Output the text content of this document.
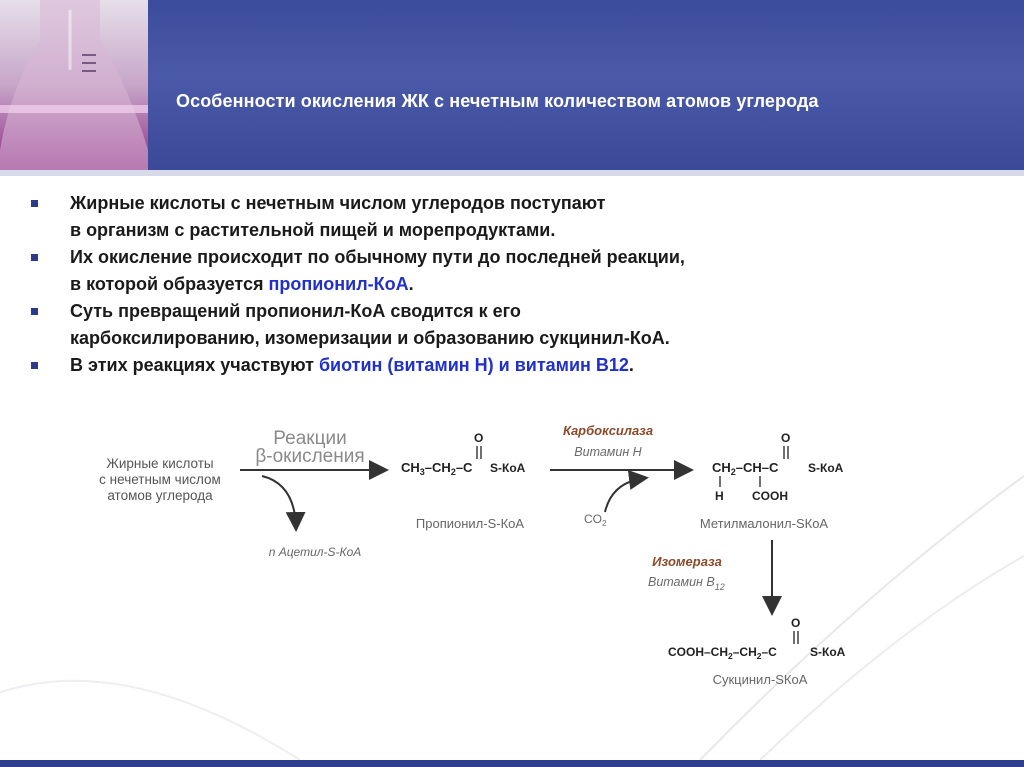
Особенности окисления ЖК с нечетным количеством атомов углерода
Жирные кислоты с нечетным числом углеродов поступают
в организм с растительной пищей и морепродуктами.
Их окисление происходит по обычному пути до последней реакции,
в которой образуется пропионил-КоА.
Суть превращений пропионил-КоА сводится к его
карбоксилированию, изомеризации и образованию сукцинил-КоА.
В этих реакциях участвуют биотин (витамин Н) и витамин В12.
Жирные кислоты
с нечетным числом
атомов углерода
Реакции
β-окисления
n Ацетил-S-КоА
$CH_3-CH_2-C$ S-КоА
O
Пропионил-S-КоА
Карбоксилаза
Витамин Н
$CO_2$
$CH_2-CH-C$ S-КоА
O
H COOH
Метилмалонил-SКоА
Изомераза
Витамин $В_{12}$
COOH–$CH_2-CH_2-C$	S-КоА
O
Сукцинил-SКоА
